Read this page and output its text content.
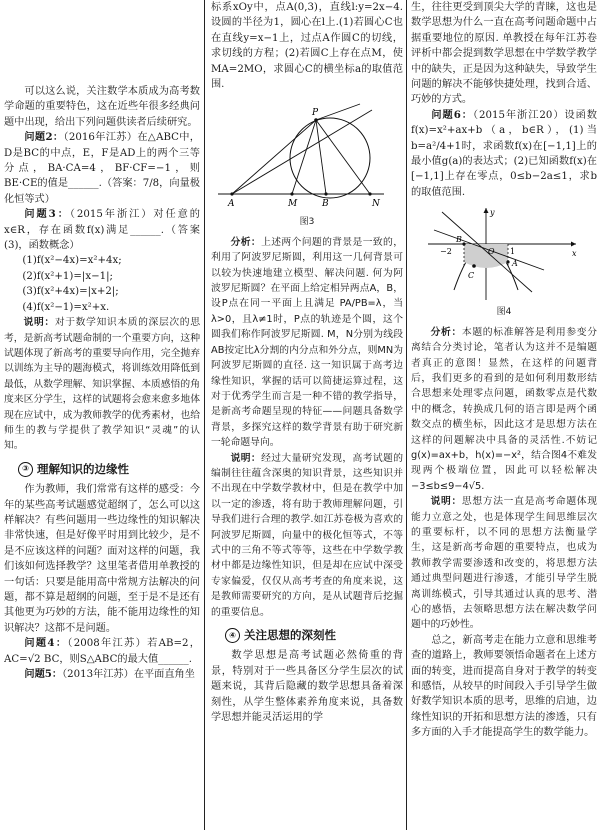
可以这么说，关注数学本质成为高考数学命题的重要特色，这在近些年很多经典问题中出现，给出下列问题供读者后续研究。

问题2：（2016年江苏）在△ABC中，D是BC的中点，E，F是AD上的两个三等分点，BA·CA=4，BF·CF=−1，则BE·CE的值是______.（答案：7/8，向量极化恒等式）
问题3：（2015年浙江）对任意的x∈R，存在函数f(x)满足______.（答案(3)，函数概念）
(1)f(x²−4x)=x²+4x;
(2)f(x²+1)=|x−1|;
(3)f(x²+4x)=|x+2|;
(4)f(x²−1)=x²+x.
说明：对于数学知识本质的深层次的思考，是新高考试题命制的一个重要方向，这种试题体现了新高考的重要导向作用，完全抛弃以训练为主导的题海模式，将训练效用降低到最低，从数学理解、知识掌握、本质感悟的角度来区分学生，这样的试题将会愈来愈多地体现在应试中，成为教师教学的优秀素材，也给师生的教与学提供了教学知识“灵魂”的认知。
③ 理解知识的边缘性

作为教师，我们常常有这样的感受：今年的某些高考试题感觉超纲了，怎么可以这样解决？有些问题用一些边缘性的知识解决非常快速，但是好像平时用到比较少，是不是不应该这样的问题？面对这样的问题，我们该如何选择教学？这里笔者借用单教授的一句话：只要是能用高中常规方法解决的问题，都不算是超纲的问题，至于是不是还有其他更为巧妙的方法，能不能用边缘性的知识解决？这都不是问题。

问题4：（2008年江苏）若AB=2，AC=√2 BC，则S△ABC的最大值______.
问题5：（2013年江苏）在平面直角坐

标系xOy中，点A(0,3)，直线l:y=2x−4.设圆的半径为1，圆心在l上.(1)若圆心C也在直线y=x−1上，过点A作圆C的切线，求切线的方程；(2)若圆C上存在点M，使MA=2MO，求圆心C的横坐标a的取值范围.

P
A	M	B	N
图3
分析：上述两个问题的背景是一致的，利用了阿波罗尼斯圆，利用这一几何背景可以较为快速地建立模型、解决问题. 何为阿波罗尼斯圆？在平面上给定相异两点A，B，设P点在同一平面上且满足 PA/PB=λ，当λ>0，且λ≠1时，P点的轨迹是个圆，这个圆我们称作阿波罗尼斯圆. M，N分别为线段AB按定比λ分割的内分点和外分点，则MN为阿波罗尼斯圆的直径. 这一知识属于高考边缘性知识，掌握的话可以简捷运算过程，这对于优秀学生而言是一种不错的教学指导，是新高考命题呈现的特征——问题具备数学背景，多探究这样的数学背景有助于研究新一轮命题导向。
说明：经过大量研究发现，高考试题的编制往往蕴含深奥的知识背景，这些知识并不出现在中学数学教材中，但是在教学中加以一定的渗透，将有助于教师理解问题，引导我们进行合理的教学.如江苏卷极为喜欢的阿波罗尼斯圆，向量中的极化恒等式，不等式中的三角不等式等等，这些在中学数学教材中都是边缘性知识，但是却在应试中深受专家偏爱，仅仅从高考考查的角度来说，这是教师需要研究的方向，是从试题背后挖掘的重要信息。
④ 关注思想的深刻性

数学思想是高考试题必然倚重的背景，特别对于一些具备区分学生层次的试题来说，其背后隐藏的数学思想具备着深刻性，从学生整体素养角度来说，具备数学思想并能灵活运用的学

生，往往更受到顶尖大学的青睐，这也是数学思想为什么一直在高考问题命题中占据重要地位的原因. 单教授在每年江苏卷评析中都会提到数学思想在中学数学教学中的缺失，正是因为这种缺失，导致学生问题的解决不能够快捷处理，找到合适、巧妙的方式。

问题6：（2015年浙江20）设函数f(x)=x²+ax+b（a，b∈R），(1)当b=a²/4+1时，求函数f(x)在[−1,1]上的最小值g(a)的表达式；(2)已知函数f(x)在[−1,1]上存在零点，0≤b−2a≤1，求b的取值范围.
y
x
O 1
−2
C
B
A
图4
分析：本题的标准解答是利用参变分离结合分类讨论，笔者认为这并不是编题者真正的意图！显然，在这样的问题背后，我们更多的看到的是如何利用数形结合思想来处理零点问题，函数零点是代数中的概念，转换成几何的语言即是两个函数交点的横坐标，因此这才是思想方法在这样的问题解决中具备的灵活性.不妨记g(x)=ax+b，h(x)=−x²，结合图4不难发现两个极端位置，因此可以轻松解决−3≤b≤9−4√5.
说明：思想方法一直是高考命题体现能力立意之处，也是体现学生间思维层次的重要标杆，以不同的思想方法衡量学生，这是新高考命题的重要特点，也成为教师教学需要渗透和改变的，将思想方法通过典型问题进行渗透，才能引导学生脱离训练模式，引导其通过认真的思考、潜心的感悟，去领略思想方法在解决数学问题中的巧妙性。

总之，新高考走在能力立意和思维考查的道路上，教师要领悟命题者在上述方面的转变，进而提高自身对于教学的转变和感悟，从较早的时间段入手引导学生做好数学知识本质的思考，思维的启迪，边缘性知识的开拓和思想方法的渗透，只有多方面的入手才能提高学生的数学能力。
